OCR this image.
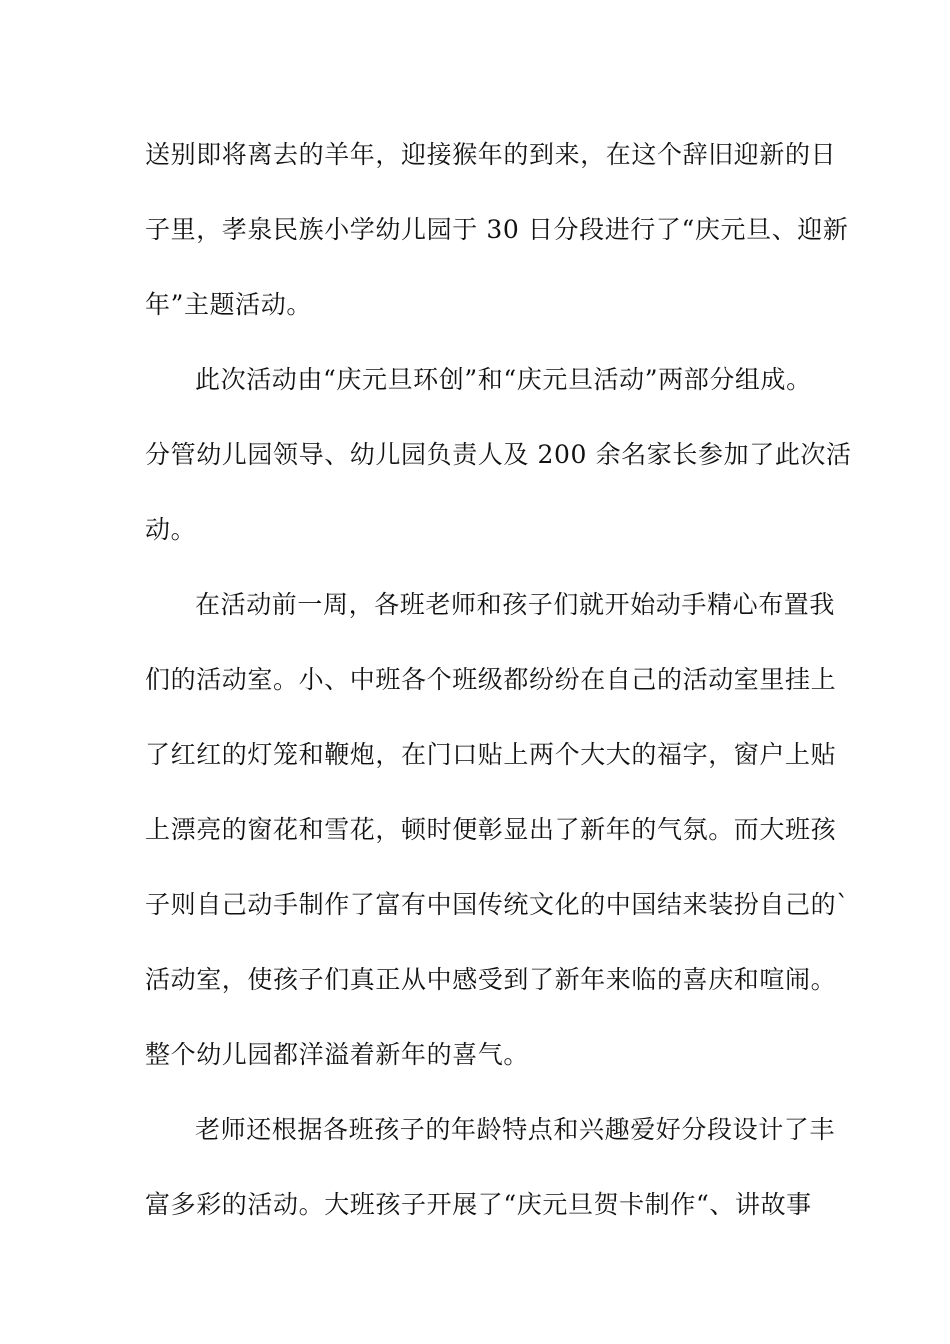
送别即将离去的羊年，迎接猴年的到来，在这个辞旧迎新的日
子里，孝泉民族小学幼儿园于 30 日分段进行了“庆元旦、迎新
年”主题活动。
此次活动由“庆元旦环创”和“庆元旦活动”两部分组成。
分管幼儿园领导、幼儿园负责人及 200 余名家长参加了此次活
动。
在活动前一周，各班老师和孩子们就开始动手精心布置我
们的活动室。小、中班各个班级都纷纷在自己的活动室里挂上
了红红的灯笼和鞭炮，在门口贴上两个大大的福字，窗户上贴
上漂亮的窗花和雪花，顿时便彰显出了新年的气氛。而大班孩
子则自己动手制作了富有中国传统文化的中国结来装扮自己的`
活动室，使孩子们真正从中感受到了新年来临的喜庆和喧闹。
整个幼儿园都洋溢着新年的喜气。
老师还根据各班孩子的年龄特点和兴趣爱好分段设计了丰
富多彩的活动。大班孩子开展了“庆元旦贺卡制作“、讲故事
